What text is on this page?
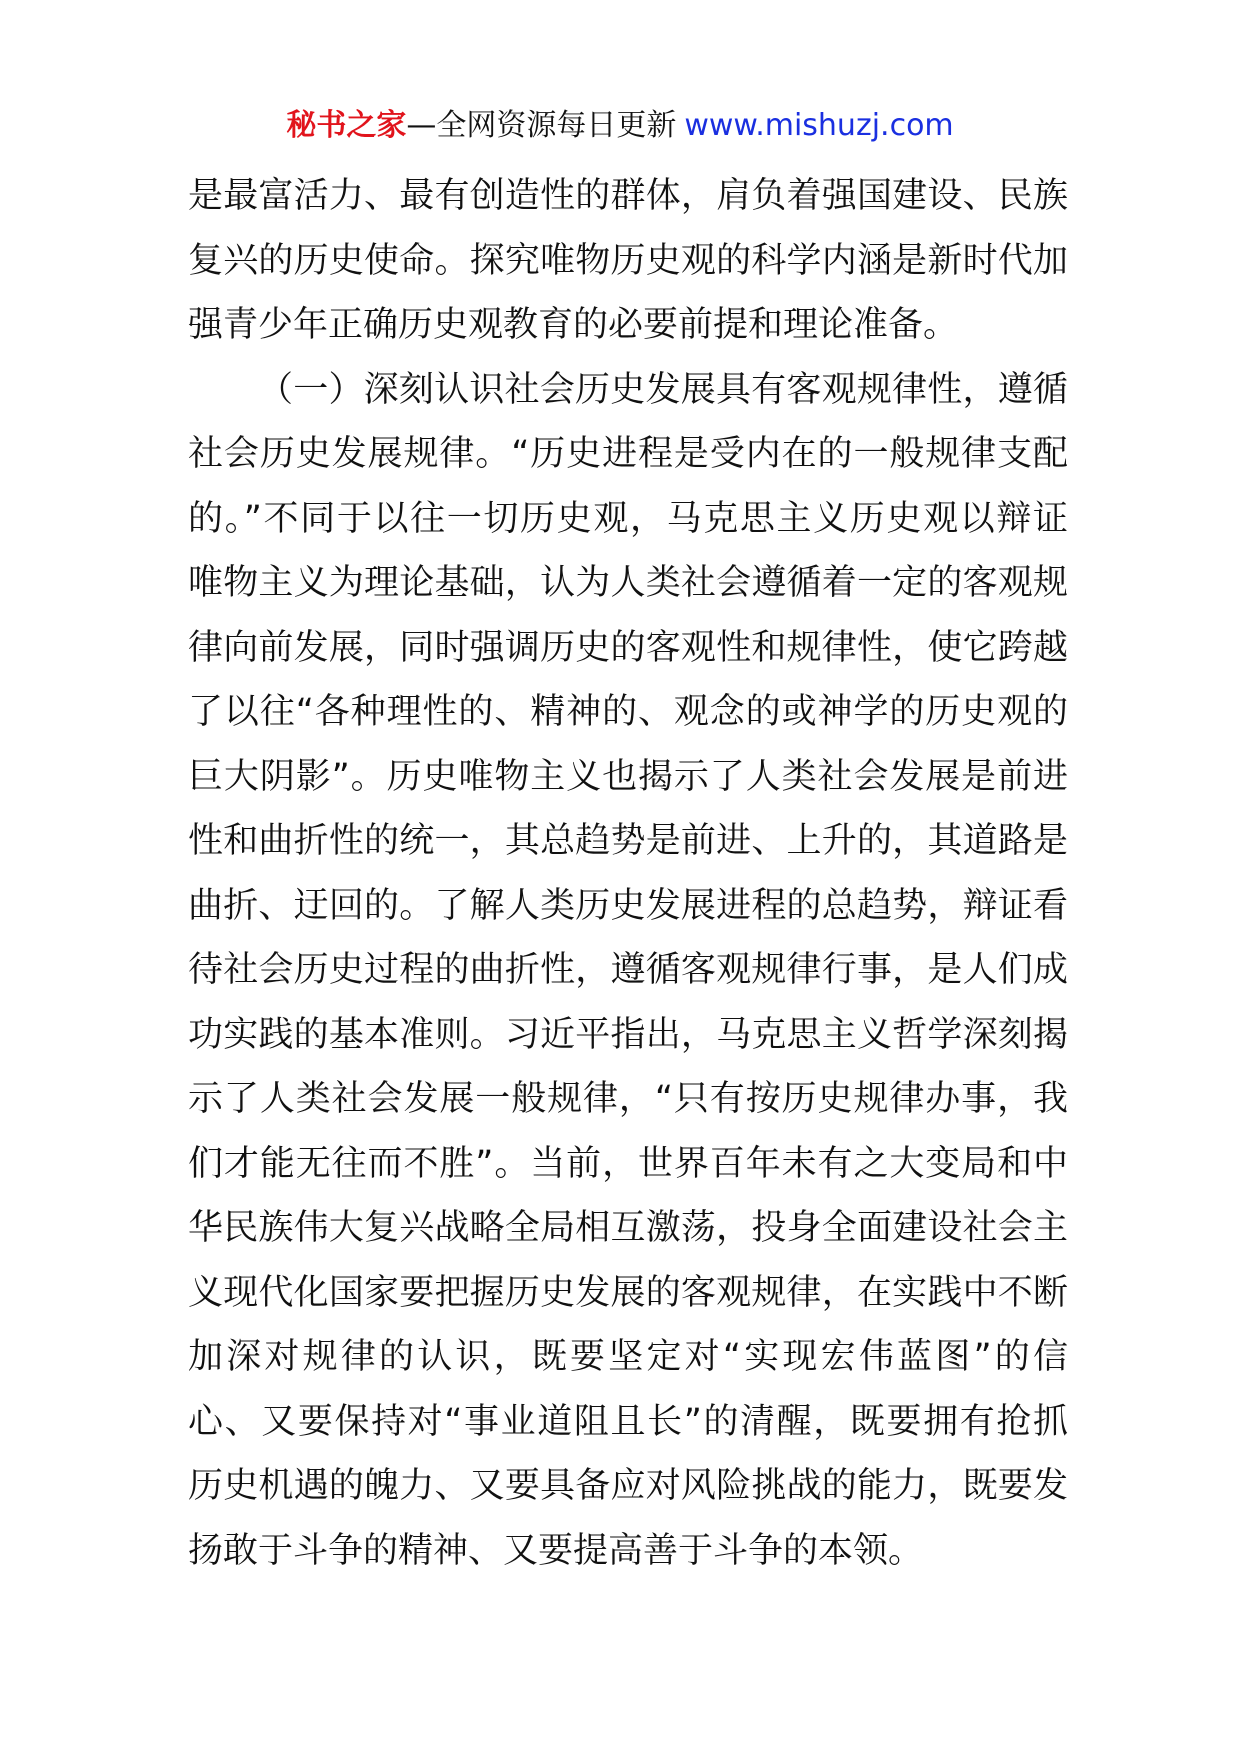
秘书之家—全网资源每日更新 www.mishuzj.com
是最富活力、最有创造性的群体，肩负着强国建设、民族
复兴的历史使命。探究唯物历史观的科学内涵是新时代加
强青少年正确历史观教育的必要前提和理论准备。
（一）深刻认识社会历史发展具有客观规律性，遵循
社会历史发展规律。“历史进程是受内在的一般规律支配
的。”不同于以往一切历史观，马克思主义历史观以辩证
唯物主义为理论基础，认为人类社会遵循着一定的客观规
律向前发展，同时强调历史的客观性和规律性，使它跨越
了以往“各种理性的、精神的、观念的或神学的历史观的
巨大阴影”。历史唯物主义也揭示了人类社会发展是前进
性和曲折性的统一，其总趋势是前进、上升的，其道路是
曲折、迂回的。了解人类历史发展进程的总趋势，辩证看
待社会历史过程的曲折性，遵循客观规律行事，是人们成
功实践的基本准则。习近平指出，马克思主义哲学深刻揭
示了人类社会发展一般规律，“只有按历史规律办事，我
们才能无往而不胜”。当前，世界百年未有之大变局和中
华民族伟大复兴战略全局相互激荡，投身全面建设社会主
义现代化国家要把握历史发展的客观规律，在实践中不断
加深对规律的认识，既要坚定对“实现宏伟蓝图”的信
心、又要保持对“事业道阻且长”的清醒，既要拥有抢抓
历史机遇的魄力、又要具备应对风险挑战的能力，既要发
扬敢于斗争的精神、又要提高善于斗争的本领。
